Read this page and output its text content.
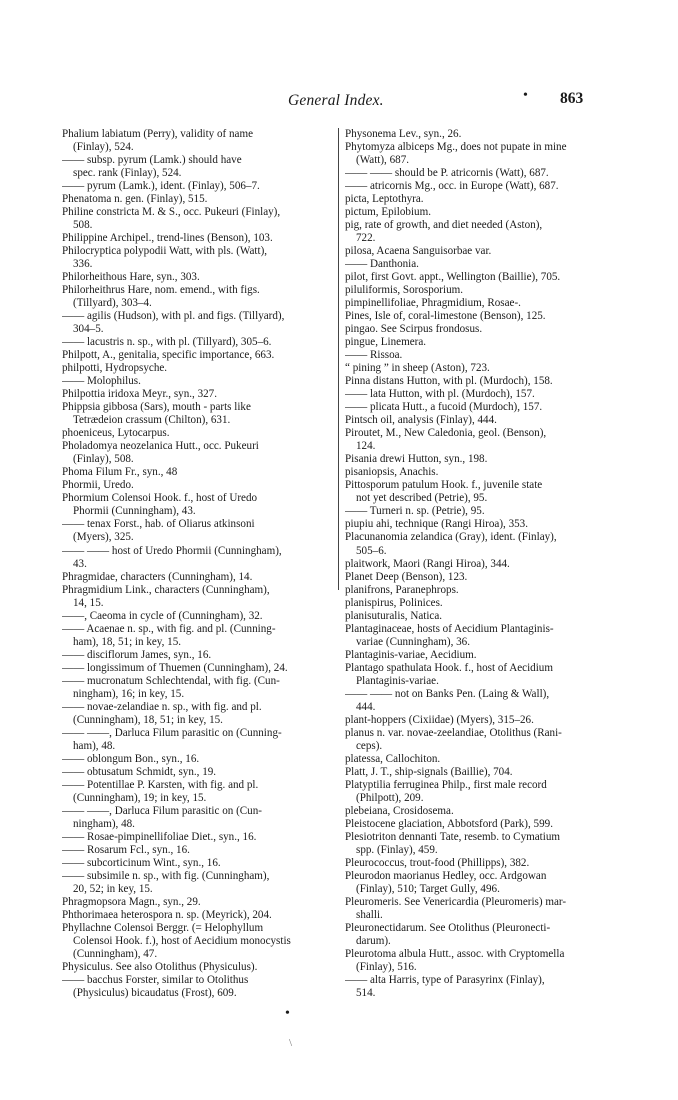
General Index.	• 863
Phalium labiatum (Perry), validity of name
(Finlay), 524.
—— subsp. pyrum (Lamk.) should have
spec. rank (Finlay), 524.
—— pyrum (Lamk.), ident. (Finlay), 506–7.
Phenatoma n. gen. (Finlay), 515.
Philine constricta M. & S., occ. Pukeuri (Finlay),
508.
Philippine Archipel., trend-lines (Benson), 103.
Philocryptica polypodii Watt, with pls. (Watt),
336.
Philorheithous Hare, syn., 303.
Philorheithrus Hare, nom. emend., with figs.
(Tillyard), 303–4.
—— agilis (Hudson), with pl. and figs. (Tillyard),
304–5.
—— lacustris n. sp., with pl. (Tillyard), 305–6.
Philpott, A., genitalia, specific importance, 663.
philpotti, Hydropsyche.
—— Molophilus.
Philpottia iridoxa Meyr., syn., 327.
Phippsia gibbosa (Sars), mouth - parts like
Tetrædeion crassum (Chilton), 631.
phoeniceus, Lytocarpus.
Pholadomya neozelanica Hutt., occ. Pukeuri
(Finlay), 508.
Phoma Filum Fr., syn., 48
Phormii, Uredo.
Phormium Colensoi Hook. f., host of Uredo
Phormii (Cunningham), 43.
—— tenax Forst., hab. of Oliarus atkinsoni
(Myers), 325.
—— —— host of Uredo Phormii (Cunningham),
43.
Phragmidae, characters (Cunningham), 14.
Phragmidium Link., characters (Cunningham),
14, 15.
——, Caeoma in cycle of (Cunningham), 32.
—— Acaenae n. sp., with fig. and pl. (Cunning-
ham), 18, 51; in key, 15.
—— disciflorum James, syn., 16.
—— longissimum of Thuemen (Cunningham), 24.
—— mucronatum Schlechtendal, with fig. (Cun-
ningham), 16; in key, 15.
—— novae-zelandiae n. sp., with fig. and pl.
(Cunningham), 18, 51; in key, 15.
—— ——, Darluca Filum parasitic on (Cunning-
ham), 48.
—— oblongum Bon., syn., 16.
—— obtusatum Schmidt, syn., 19.
—— Potentillae P. Karsten, with fig. and pl.
(Cunningham), 19; in key, 15.
—— ——, Darluca Filum parasitic on (Cun-
ningham), 48.
—— Rosae-pimpinellifoliae Diet., syn., 16.
—— Rosarum Fcl., syn., 16.
—— subcorticinum Wint., syn., 16.
—— subsimile n. sp., with fig. (Cunningham),
20, 52; in key, 15.
Phragmopsora Magn., syn., 29.
Phthorimaea heterospora n. sp. (Meyrick), 204.
Phyllachne Colensoi Berggr. (= Helophyllum
Colensoi Hook. f.), host of Aecidium monocystis
(Cunningham), 47.
Physiculus. See also Otolithus (Physiculus).
—— bacchus Forster, similar to Otolithus
(Physiculus) bicaudatus (Frost), 609.
Physonema Lev., syn., 26.
Phytomyza albiceps Mg., does not pupate in mine
(Watt), 687.
—— —— should be P. atricornis (Watt), 687.
—— atricornis Mg., occ. in Europe (Watt), 687.
picta, Leptothyra.
pictum, Epilobium.
pig, rate of growth, and diet needed (Aston),
722.
pilosa, Acaena Sanguisorbae var.
—— Danthonia.
pilot, first Govt. appt., Wellington (Baillie), 705.
piluliformis, Sorosporium.
pimpinellifoliae, Phragmidium, Rosae-.
Pines, Isle of, coral-limestone (Benson), 125.
pingao. See Scirpus frondosus.
pingue, Linemera.
—— Rissoa.
“ pining ” in sheep (Aston), 723.
Pinna distans Hutton, with pl. (Murdoch), 158.
—— lata Hutton, with pl. (Murdoch), 157.
—— plicata Hutt., a fucoid (Murdoch), 157.
Pintsch oil, analysis (Finlay), 444.
Piroutet, M., New Caledonia, geol. (Benson),
124.
Pisania drewi Hutton, syn., 198.
pisaniopsis, Anachis.
Pittosporum patulum Hook. f., juvenile state
not yet described (Petrie), 95.
—— Turneri n. sp. (Petrie), 95.
piupiu ahi, technique (Rangi Hiroa), 353.
Placunanomia zelandica (Gray), ident. (Finlay),
505–6.
plaitwork, Maori (Rangi Hiroa), 344.
Planet Deep (Benson), 123.
planifrons, Paranephrops.
planispirus, Polinices.
planisuturalis, Natica.
Plantaginaceae, hosts of Aecidium Plantaginis-
variae (Cunningham), 36.
Plantaginis-variae, Aecidium.
Plantago spathulata Hook. f., host of Aecidium
Plantaginis-variae.
—— —— not on Banks Pen. (Laing & Wall),
444.
plant-hoppers (Cixiidae) (Myers), 315–26.
planus n. var. novae-zeelandiae, Otolithus (Rani-
ceps).
platessa, Callochiton.
Platt, J. T., ship-signals (Baillie), 704.
Platyptilia ferruginea Philp., first male record
(Philpott), 209.
plebeiana, Crosidosema.
Pleistocene glaciation, Abbotsford (Park), 599.
Plesiotriton dennanti Tate, resemb. to Cymatium
spp. (Finlay), 459.
Pleurococcus, trout-food (Phillipps), 382.
Pleurodon maorianus Hedley, occ. Ardgowan
(Finlay), 510; Target Gully, 496.
Pleuromeris. See Venericardia (Pleuromeris) mar-
shalli.
Pleuronectidarum. See Otolithus (Pleuronecti-
darum).
Pleurotoma albula Hutt., assoc. with Cryptomella
(Finlay), 516.
—— alta Harris, type of Parasyrinx (Finlay),
514.
•
\
